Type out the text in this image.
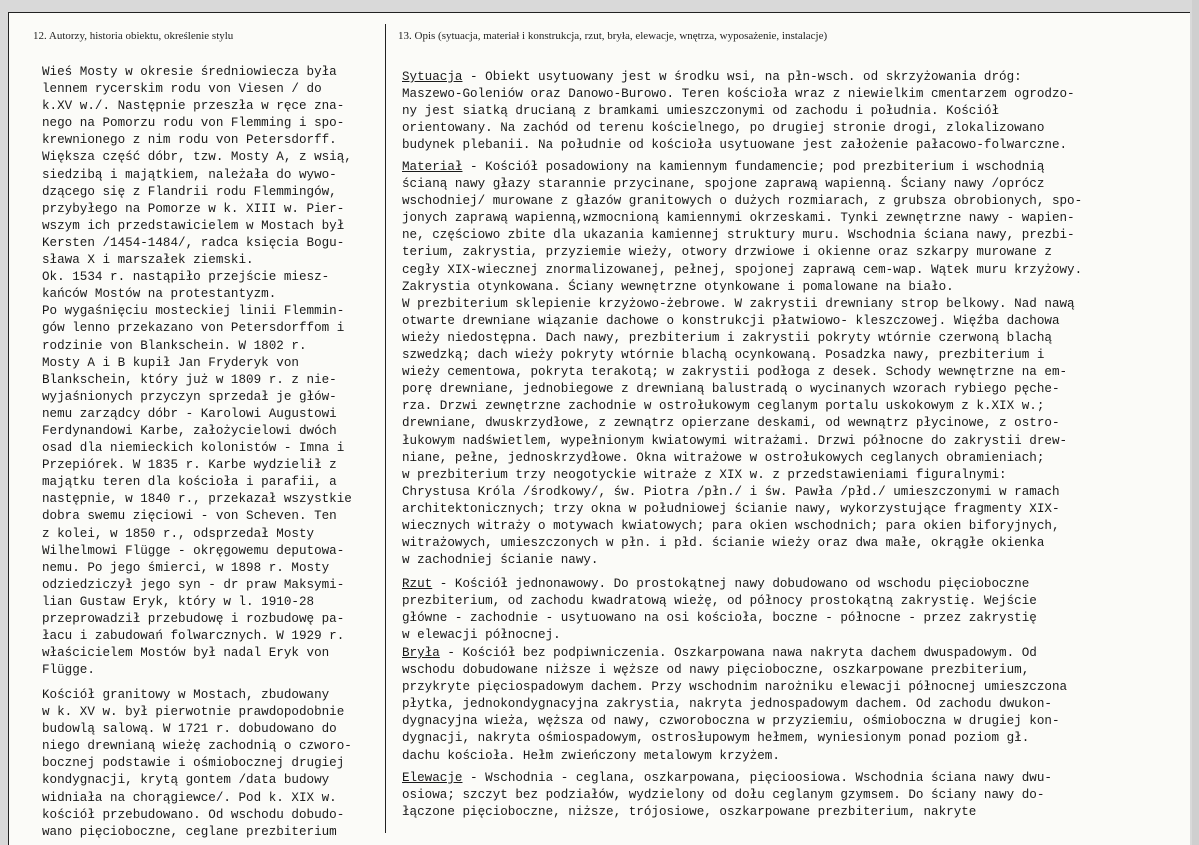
12. Autorzy, historia obiektu, określenie stylu	13. Opis (sytuacja, materiał i konstrukcja, rzut, bryła, elewacje, wnętrza, wyposażenie, instalacje)
Wieś Mosty w okresie średniowiecza była
lennem rycerskim rodu von Viesen / do
k.XV w./. Następnie przeszła w ręce zna-
nego na Pomorzu rodu von Flemming i spo-
krewnionego z nim rodu von Petersdorff.
Większa część dóbr, tzw. Mosty A, z wsią,
siedzibą i majątkiem, należała do wywo-
dzącego się z Flandrii rodu Flemmingów,
przybyłego na Pomorze w k. XIII w. Pier-
wszym ich przedstawicielem w Mostach był
Kersten /1454-1484/, radca księcia Bogu-
sława X i marszałek ziemski.
Ok. 1534 r. nastąpiło przejście miesz-
kańców Mostów na protestantyzm.
Po wygaśnięciu mosteckiej linii Flemmin-
gów lenno przekazano von Petersdorffom i
rodzinie von Blankschein. W 1802 r.
Mosty A i B kupił Jan Fryderyk von
Blankschein, który już w 1809 r. z nie-
wyjaśnionych przyczyn sprzedał je głów-
nemu zarządcy dóbr - Karolowi Augustowi
Ferdynandowi Karbe, założycielowi dwóch
osad dla niemieckich kolonistów - Imna i
Przepiórek. W 1835 r. Karbe wydzielił z
majątku teren dla kościoła i parafii, a
następnie, w 1840 r., przekazał wszystkie
dobra swemu zięciowi - von Scheven. Ten
z kolei, w 1850 r., odsprzedał Mosty
Wilhelmowi Flügge - okręgowemu deputowa-
nemu. Po jego śmierci, w 1898 r. Mosty
odziedziczył jego syn - dr praw Maksymi-
lian Gustaw Eryk, który w l. 1910-28
przeprowadził przebudowę i rozbudowę pa-
łacu i zabudowań folwarcznych. W 1929 r.
właścicielem Mostów był nadal Eryk von
Flügge.
Kościół granitowy w Mostach, zbudowany
w k. XV w. był pierwotnie prawdopodobnie
budowlą salową. W 1721 r. dobudowano do
niego drewnianą wieżę zachodnią o czworo-
bocznej podstawie i ośmiobocznej drugiej
kondygnacji, krytą gontem /data budowy
widniała na chorągiewce/. Pod k. XIX w.
kościół przebudowano. Od wschodu dobudo-
wano pięcioboczne, ceglane prezbiterium
Sytuacja - Obiekt usytuowany jest w środku wsi, na płn-wsch. od skrzyżowania dróg:
Maszewo-Goleniów oraz Danowo-Burowo. Teren kościoła wraz z niewielkim cmentarzem ogrodzo-
ny jest siatką drucianą z bramkami umieszczonymi od zachodu i południa. Kościół
orientowany. Na zachód od terenu kościelnego, po drugiej stronie drogi, zlokalizowano
budynek plebanii. Na południe od kościoła usytuowane jest założenie pałacowo-folwarczne.
Materiał - Kościół posadowiony na kamiennym fundamencie; pod prezbiterium i wschodnią
ścianą nawy głazy starannie przycinane, spojone zaprawą wapienną. Ściany nawy /oprócz
wschodniej/ murowane z głazów granitowych o dużych rozmiarach, z grubsza obrobionych, spo-
jonych zaprawą wapienną,wzmocnioną kamiennymi okrzeskami. Tynki zewnętrzne nawy - wapien-
ne, częściowo zbite dla ukazania kamiennej struktury muru. Wschodnia ściana nawy, prezbi-
terium, zakrystia, przyziemie wieży, otwory drzwiowe i okienne oraz szkarpy murowane z
cegły XIX-wiecznej znormalizowanej, pełnej, spojonej zaprawą cem-wap. Wątek muru krzyżowy.
Zakrystia otynkowana. Ściany wewnętrzne otynkowane i pomalowane na biało.
W prezbiterium sklepienie krzyżowo-żebrowe. W zakrystii drewniany strop belkowy. Nad nawą
otwarte drewniane wiązanie dachowe o konstrukcji płatwiowo- kleszczowej. Więźba dachowa
wieży niedostępna. Dach nawy, prezbiterium i zakrystii pokryty wtórnie czerwoną blachą
szwedzką; dach wieży pokryty wtórnie blachą ocynkowaną. Posadzka nawy, prezbiterium i
wieży cementowa, pokryta terakotą; w zakrystii podłoga z desek. Schody wewnętrzne na em-
porę drewniane, jednobiegowe z drewnianą balustradą o wycinanych wzorach rybiego pęche-
rza. Drzwi zewnętrzne zachodnie w ostrołukowym ceglanym portalu uskokowym z k.XIX w.;
drewniane, dwuskrzydłowe, z zewnątrz opierzane deskami, od wewnątrz płycinowe, z ostro-
łukowym nadświetlem, wypełnionym kwiatowymi witrażami. Drzwi północne do zakrystii drew-
niane, pełne, jednoskrzydłowe. Okna witrażowe w ostrołukowych ceglanych obramieniach;
w prezbiterium trzy neogotyckie witraże z XIX w. z przedstawieniami figuralnymi:
Chrystusa Króla /środkowy/, św. Piotra /płn./ i św. Pawła /płd./ umieszczonymi w ramach
architektonicznych; trzy okna w południowej ścianie nawy, wykorzystujące fragmenty XIX-
wiecznych witraży o motywach kwiatowych; para okien wschodnich; para okien biforyjnych,
witrażowych, umieszczonych w płn. i płd. ścianie wieży oraz dwa małe, okrągłe okienka
w zachodniej ścianie nawy.
Rzut - Kościół jednonawowy. Do prostokątnej nawy dobudowano od wschodu pięcioboczne
prezbiterium, od zachodu kwadratową wieżę, od północy prostokątną zakrystię. Wejście
główne - zachodnie - usytuowano na osi kościoła, boczne - północne - przez zakrystię
w elewacji północnej.
Bryła - Kościół bez podpiwniczenia. Oszkarpowana nawa nakryta dachem dwuspadowym. Od
wschodu dobudowane niższe i węższe od nawy pięcioboczne, oszkarpowane prezbiterium,
przykryte pięciospadowym dachem. Przy wschodnim narożniku elewacji północnej umieszczona
płytka, jednokondygnacyjna zakrystia, nakryta jednospadowym dachem. Od zachodu dwukon-
dygnacyjna wieża, węższa od nawy, czworoboczna w przyziemiu, ośmioboczna w drugiej kon-
dygnacji, nakryta ośmiospadowym, ostrosłupowym hełmem, wyniesionym ponad poziom gł.
dachu kościoła. Hełm zwieńczony metalowym krzyżem.
Elewacje - Wschodnia - ceglana, oszkarpowana, pięcioosiowa. Wschodnia ściana nawy dwu-
osiowa; szczyt bez podziałów, wydzielony od dołu ceglanym gzymsem. Do ściany nawy do-
łączone pięcioboczne, niższe, trójosiowe, oszkarpowane prezbiterium, nakryte
